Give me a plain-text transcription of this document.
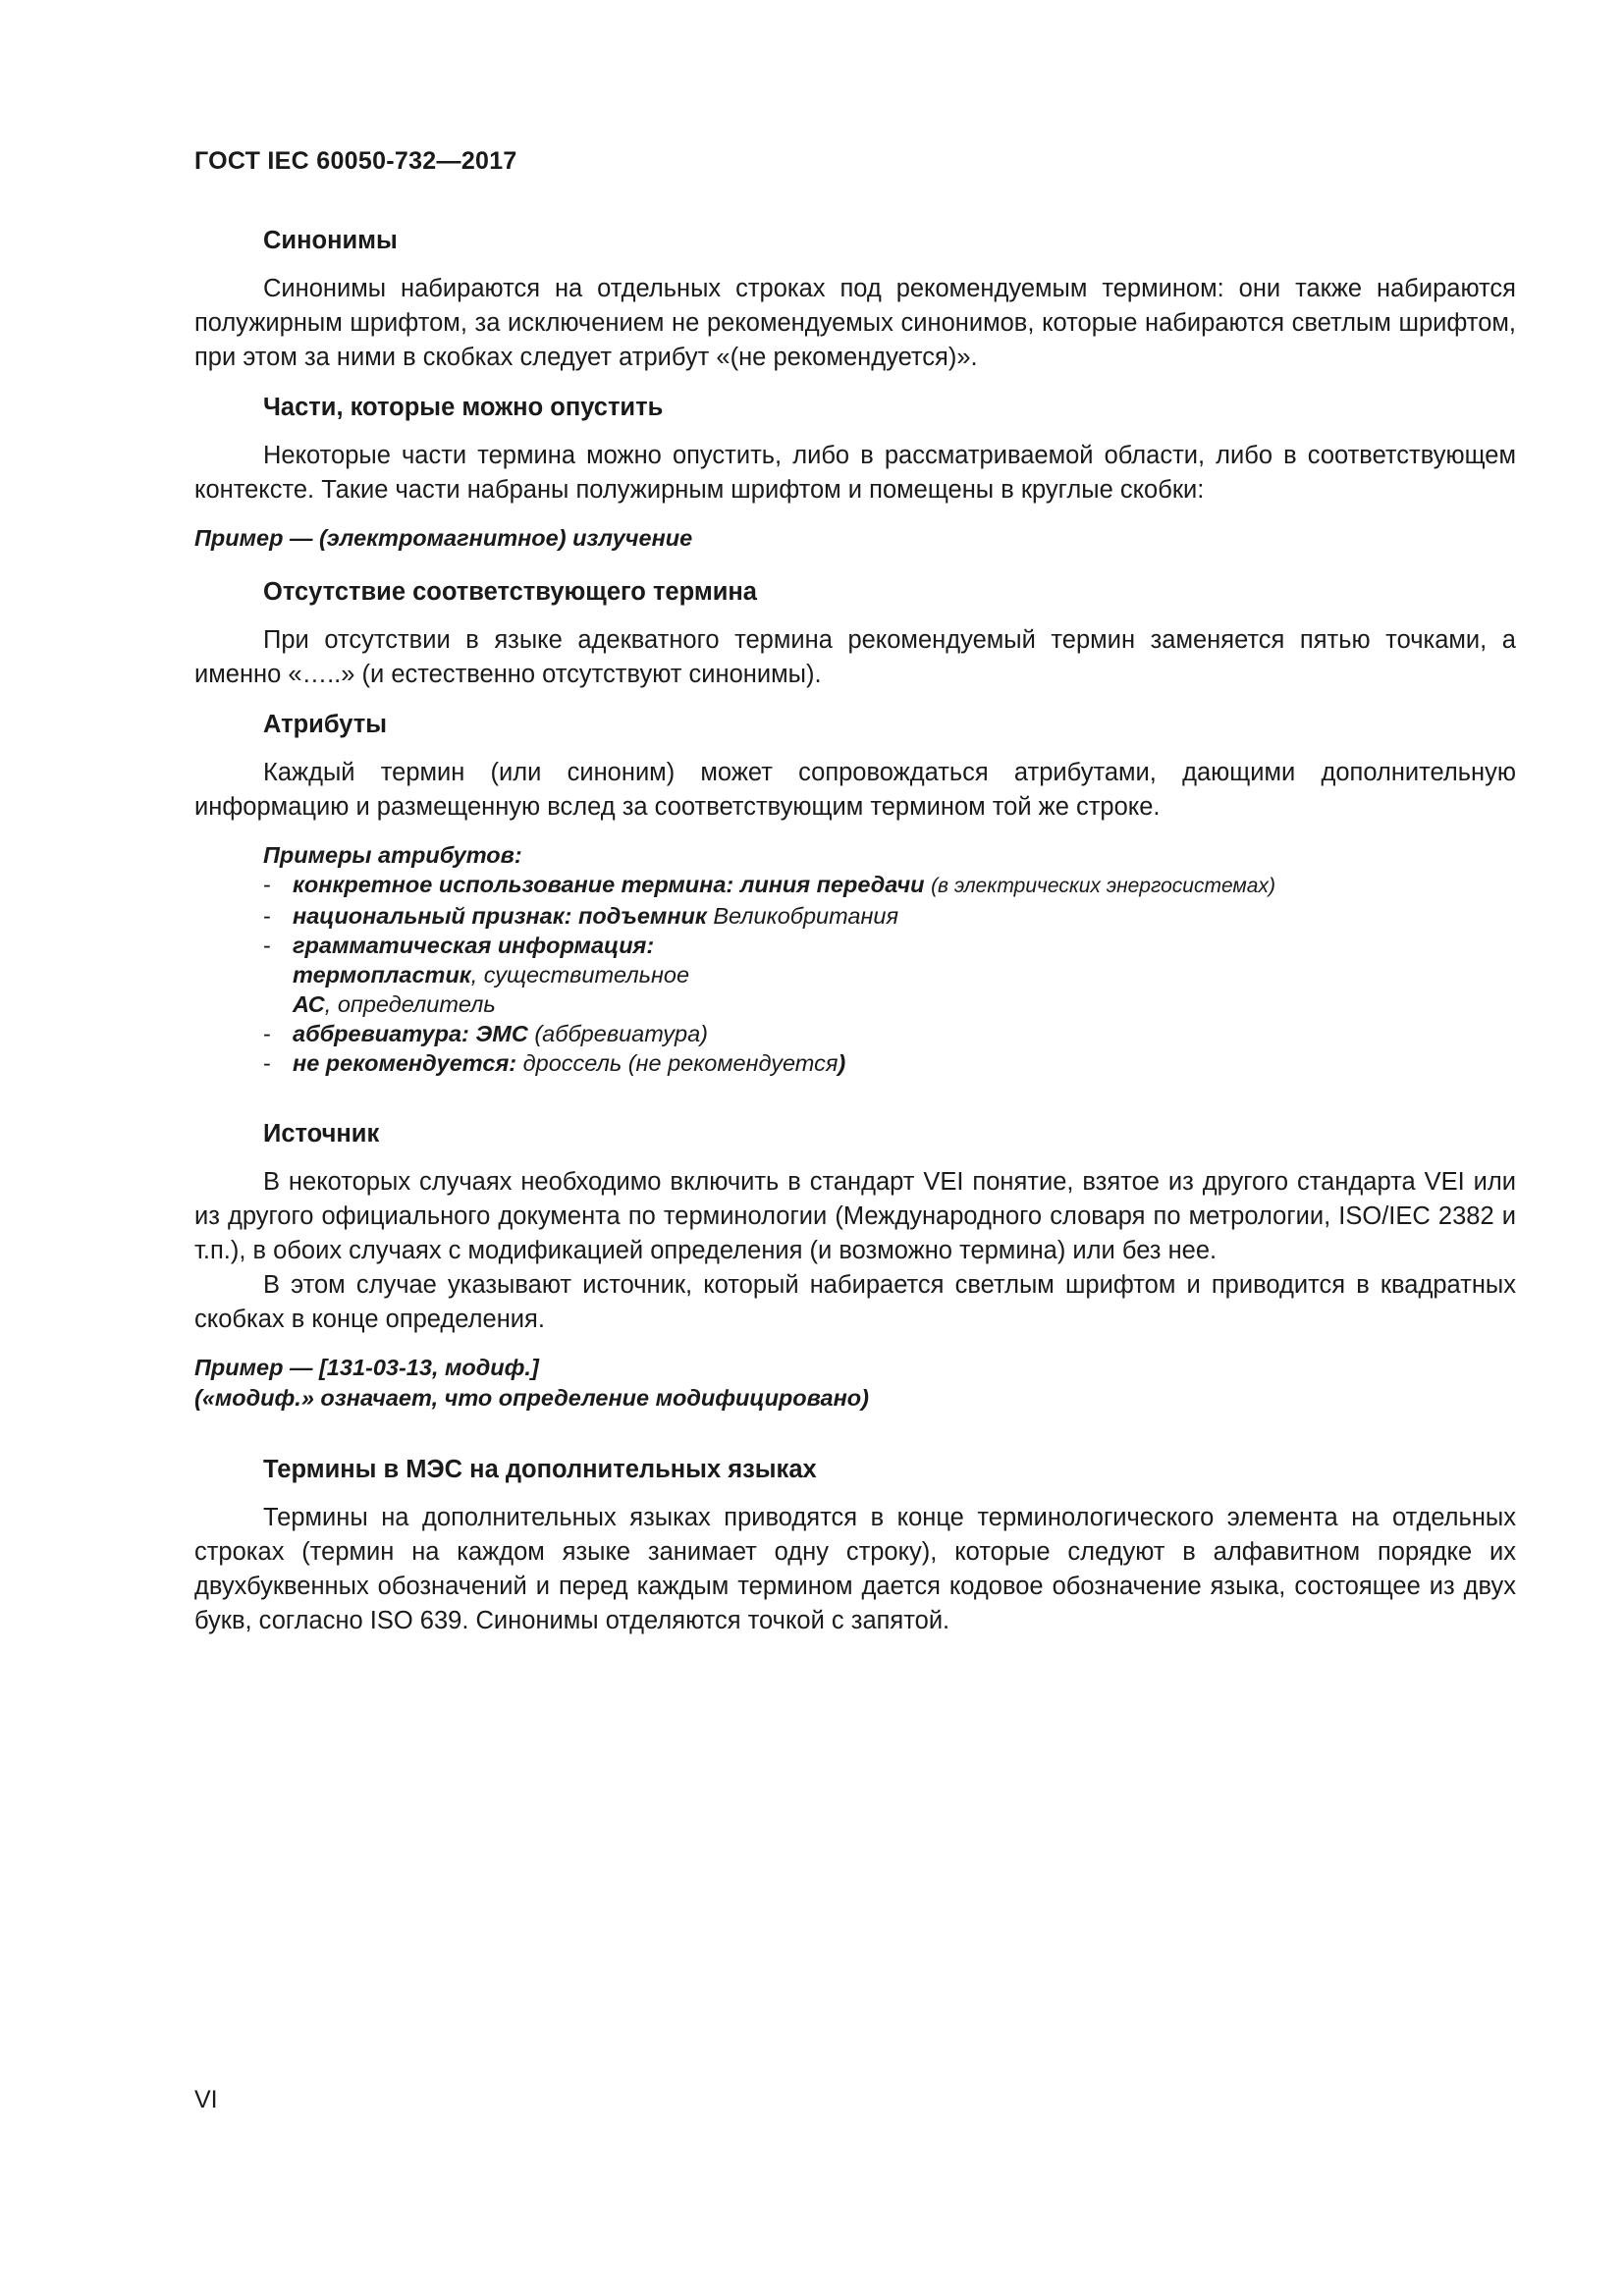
ГОСТ IEC 60050-732—2017
Синонимы

Синонимы набираются на отдельных строках под рекомендуемым термином: они также набираются полужирным шрифтом, за исключением не рекомендуемых синонимов, которые набираются светлым шрифтом, при этом за ними в скобках следует атрибут «(не рекомендуется)».

Части, которые можно опустить

Некоторые части термина можно опустить, либо в рассматриваемой области, либо в соответствующем контексте. Такие части набраны полужирным шрифтом и помещены в круглые скобки:

Пример — (электромагнитное) излучение

Отсутствие соответствующего термина

При отсутствии в языке адекватного термина рекомендуемый термин заменяется пятью точками, а именно «…..» (и естественно отсутствуют синонимы).

Атрибуты

Каждый термин (или синоним) может сопровождаться атрибутами, дающими дополнительную информацию и размещенную вслед за соответствующим термином той же строке.

Примеры атрибутов:
- конкретное использование термина: линия передачи (в электрических энергосистемах)
- национальный признак: подъемник Великобритания
- грамматическая информация:
термопластик, существительное
АС, определитель
- аббревиатура: ЭМС (аббревиатура)
- не рекомендуется: дроссель (не рекомендуется)
Источник

В некоторых случаях необходимо включить в стандарт VEI понятие, взятое из другого стандарта VEI или из другого официального документа по терминологии (Международного словаря по метрологии, ISO/IEC 2382 и т.п.), в обоих случаях с модификацией определения (и возможно термина) или без нее.

В этом случае указывают источник, который набирается светлым шрифтом и приводится в квадратных скобках в конце определения.

Пример — [131-03-13, модиф.]

(«модиф.» означает, что определение модифицировано)

Термины в МЭС на дополнительных языках

Термины на дополнительных языках приводятся в конце терминологического элемента на отдельных строках (термин на каждом языке занимает одну строку), которые следуют в алфавитном порядке их двухбуквенных обозначений и перед каждым термином дается кодовое обозначение языка, состоящее из двух букв, согласно ISO 639. Синонимы отделяются точкой с запятой.

VI
